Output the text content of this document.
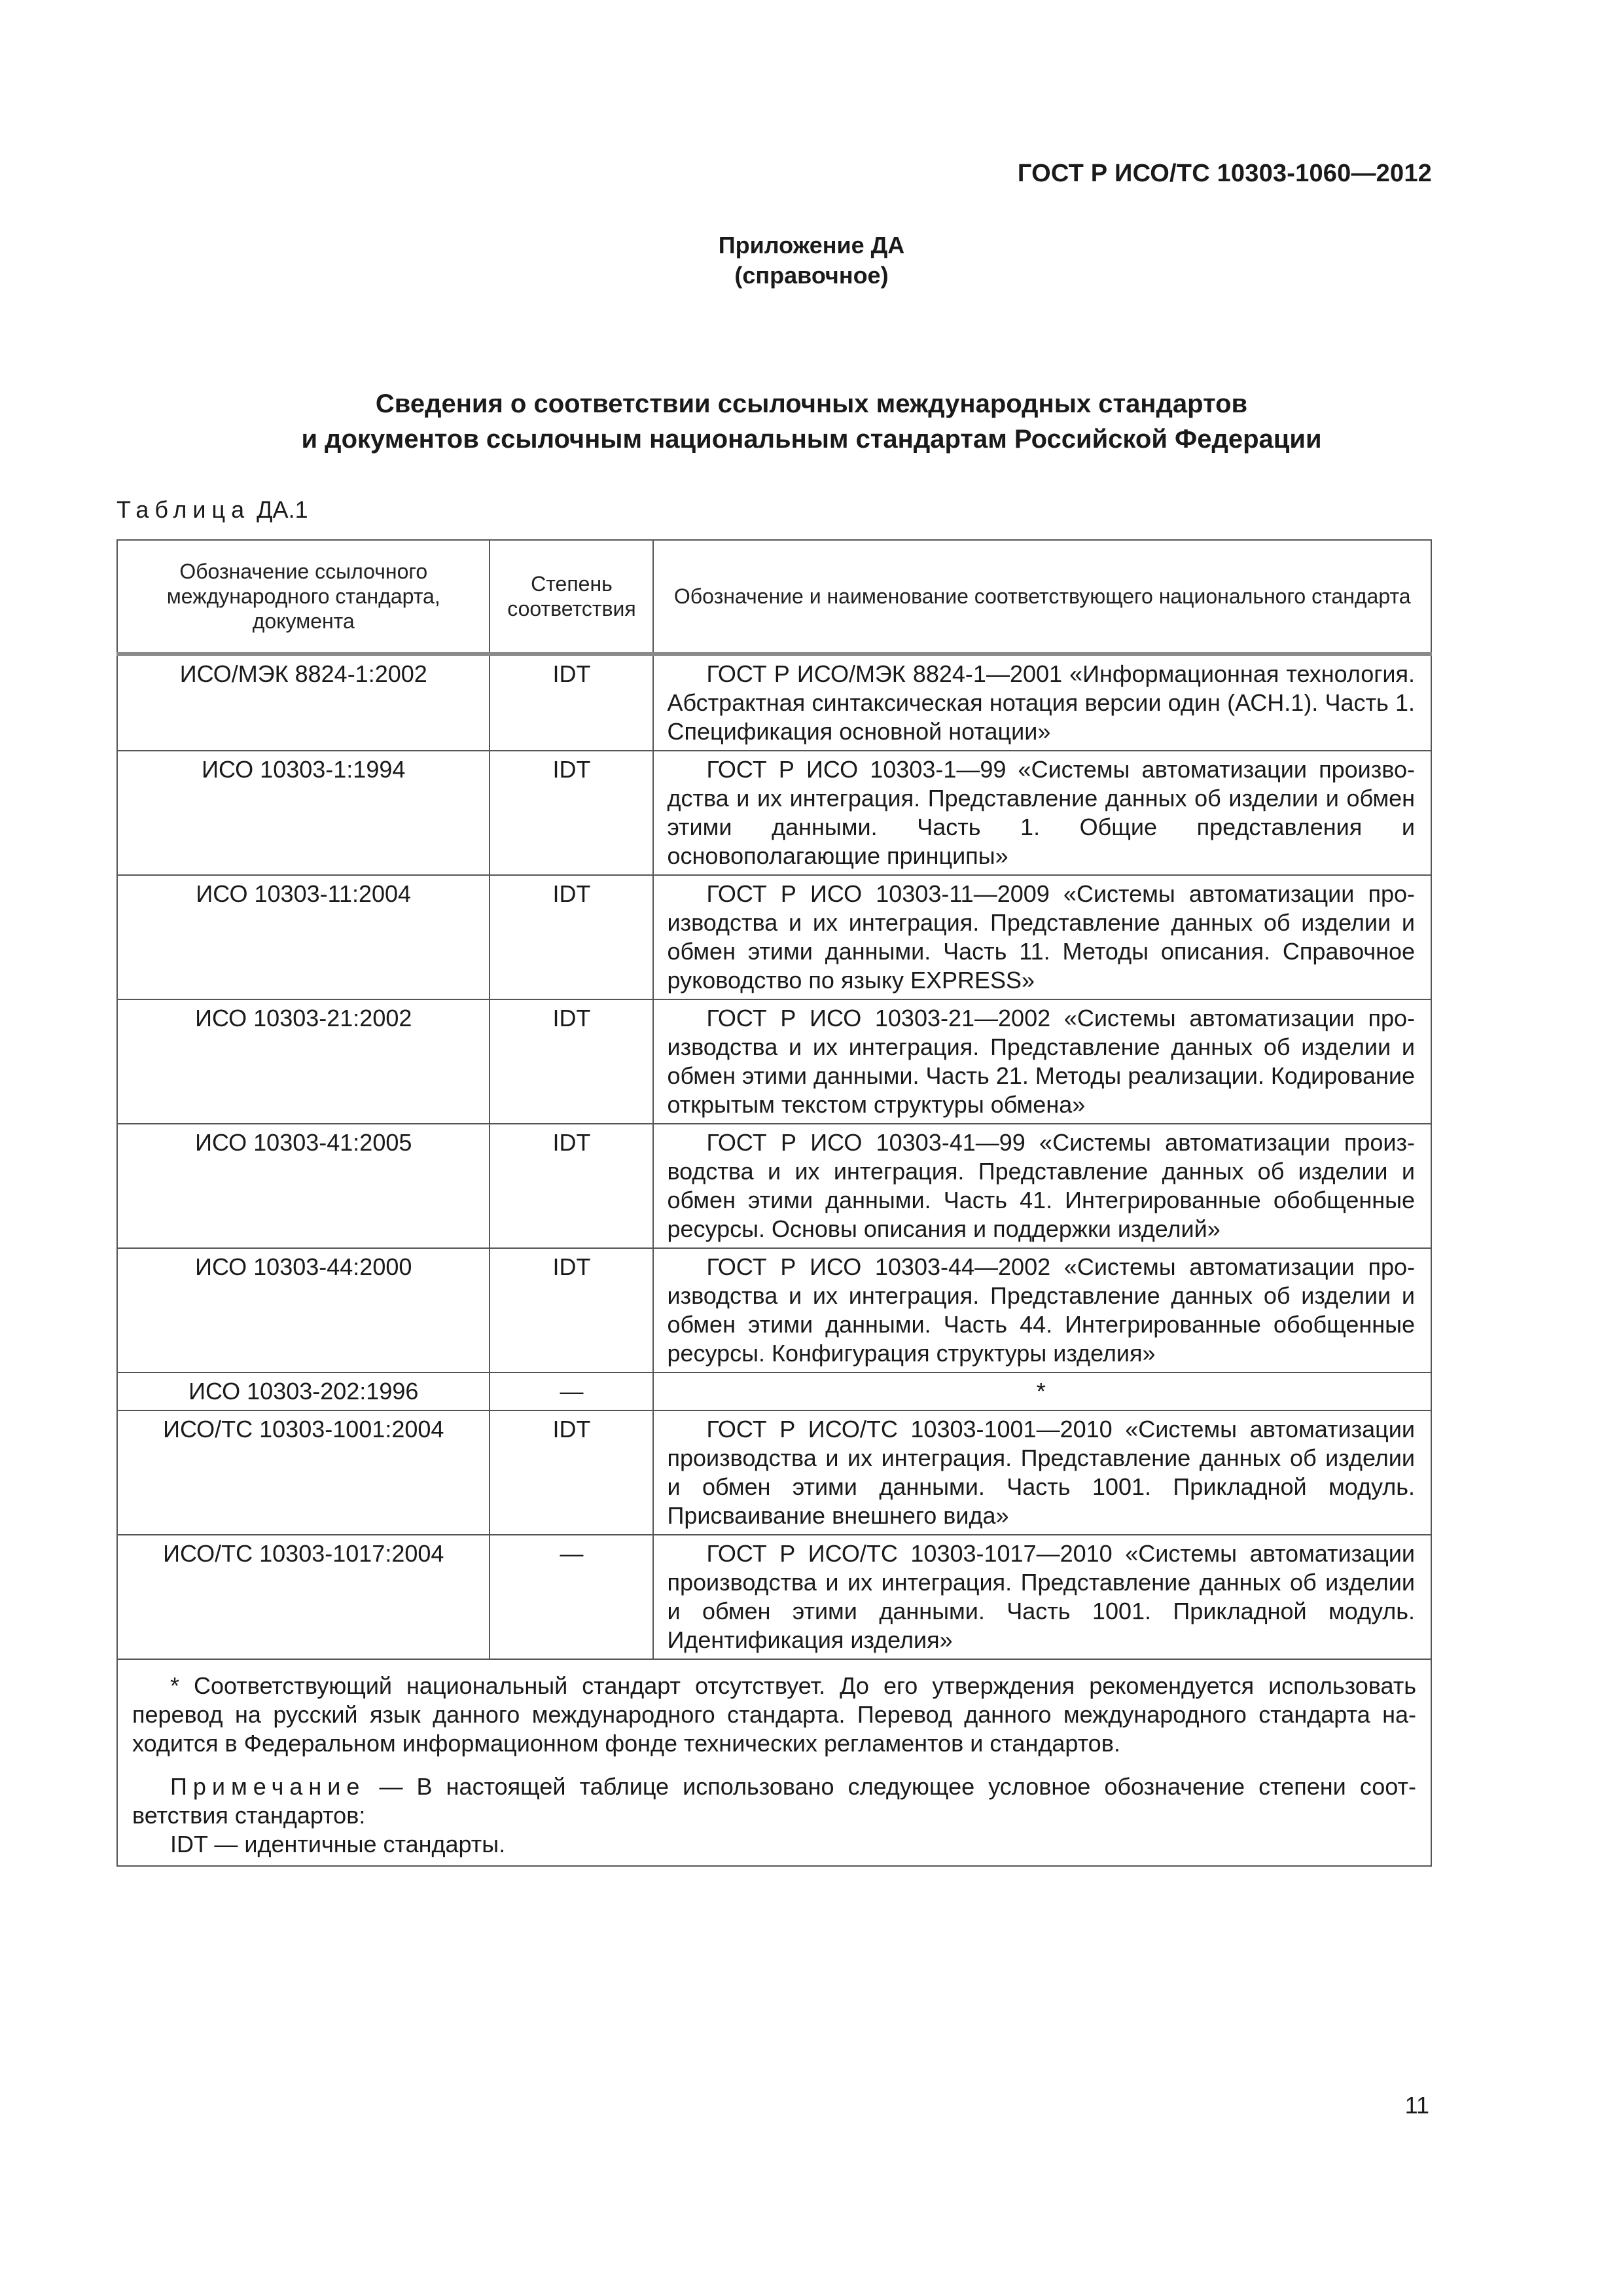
ГОСТ Р ИСО/ТС 10303-1060—2012
Приложение ДА
(справочное)
Сведения о соответствии ссылочных международных стандартов
и документов ссылочным национальным стандартам Российской Федерации
Таблица ДА.1
Обозначение ссылочного международного стандарта, документа	Степень соответствия	Обозначение и наименование соответствующего национального стандарта
ИСО/МЭК 8824-1:2002	IDT	ГОСТ Р ИСО/МЭК 8824-1—2001 «Информационная технология. Абстрактная синтаксическая нотация версии один (АСН.1). Часть 1. Спецификация основной нотации»
ИСО 10303-1:1994	IDT	ГОСТ Р ИСО 10303-1—99 «Системы автоматизации производства и их интеграция. Представление данных об изделии и обмен этими данными. Часть 1. Общие представления и основополагающие принципы»
ИСО 10303-11:2004	IDT	ГОСТ Р ИСО 10303-11—2009 «Системы автоматизации производства и их интеграция. Представление данных об изделии и обмен этими данными. Часть 11. Методы описания. Справочное руководство по языку EXPRESS»
ИСО 10303-21:2002	IDT	ГОСТ Р ИСО 10303-21—2002 «Системы автоматизации производства и их интеграция. Представление данных об изделии и обмен этими данными. Часть 21. Методы реализации. Кодирование открытым текстом структуры обмена»
ИСО 10303-41:2005	IDT	ГОСТ Р ИСО 10303-41—99 «Системы автоматизации производства и их интеграция. Представление данных об изделии и обмен этими данными. Часть 41. Интегрированные обобщенные ресурсы. Основы описания и поддержки изделий»
ИСО 10303-44:2000	IDT	ГОСТ Р ИСО 10303-44—2002 «Системы автоматизации производства и их интеграция. Представление данных об изделии и обмен этими данными. Часть 44. Интегрированные обобщенные ресурсы. Конфигурация структуры изделия»
ИСО 10303-202:1996	—	*
ИСО/ТС 10303-1001:2004	IDT	ГОСТ Р ИСО/ТС 10303-1001—2010 «Системы автоматизации производства и их интеграция. Представление данных об изделии и обмен этими данными. Часть 1001. Прикладной модуль. Присваивание внешнего вида»
ИСО/ТС 10303-1017:2004	—	ГОСТ Р ИСО/ТС 10303-1017—2010 «Системы автоматизации производства и их интеграция. Представление данных об изделии и обмен этими данными. Часть 1001. Прикладной модуль. Идентификация изделия»

* Соответствующий национальный стандарт отсутствует. До его утверждения рекомендуется использовать перевод на русский язык данного международного стандарта. Перевод данного международного стандарта находится в Федеральном информационном фонде технических регламентов и стандартов.

Примечание — В настоящей таблице использовано следующее условное обозначение степени соответствия стандартов:

IDT — идентичные стандарты.		

11
